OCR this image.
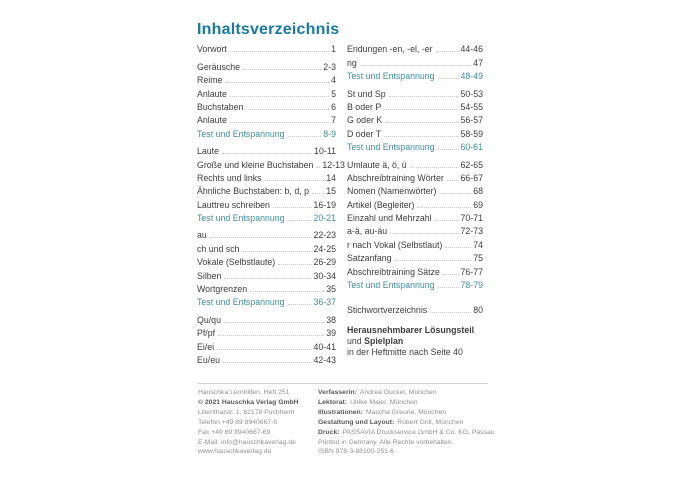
Inhaltsverzeichnis
Vorwort	1
Geräusche	2-3
Reime	4
Anlaute	5
Buchstaben	6
Anlaute	7
Test und Entspannung	8-9
Laute	10-11
Große und kleine Buchstaben 12-13
Rechts und links	14
Ähnliche Buchstaben: b, d, p 15
Lauttreu schreiben	16-19
Test und Entspannung	20-21
au	22-23
ch und sch	24-25
Vokale (Selbstlaute)	26-29
Silben	30-34
Wortgrenzen	35
Test und Entspannung	36-37
Qu/qu	38
Pf/pf	39
Ei/ei	40-41
Eu/eu	42-43
Endungen -en, -el, -er	44-46
ng	47
Test und Entspannung	48-49
St und Sp	50-53
B oder P	54-55
G oder K	56-57
D oder T	58-59
Test und Entspannung	60-61
Umlaute ä, ö, ü	62-65
Abschreibtraining Wörter 66-67
Nomen (Namenwörter)	68
Artikel (Begleiter)	69
Einzahl und Mehrzahl	70-71
a-ä, au-äu	72-73
r nach Vokal (Selbstlaut)	74
Satzanfang	75
Abschreibtraining Sätze 76-77
Test und Entspannung	78-79
Stichwortverzeichnis	80
Herausnehmbarer Lösungsteil
und Spielplan
in der Heftmitte nach Seite 40
Hauschka Lernhilfen, Heft 251
© 2021 Hauschka Verlag GmbH
Lilienthalstr. 1, 82178 Puchheim
Telefon +49 89 8940667-0
Fax +49 89 8940667-69
E-Mail: info@hauschkaverlag.de
www.hauschkaverlag.de
Verfasserin: Andrea Guckel, München
Lektorat: Ulrike Maier, München
Illustrationen: Mascha Greune, München
Gestaltung und Layout: Robert Grill, München
Druck: PASSAVIA Druckservice GmbH & Co. KG, Passau
Printed in Germany. Alle Rechte vorbehalten.
ISBN 978-3-88100-251-6
